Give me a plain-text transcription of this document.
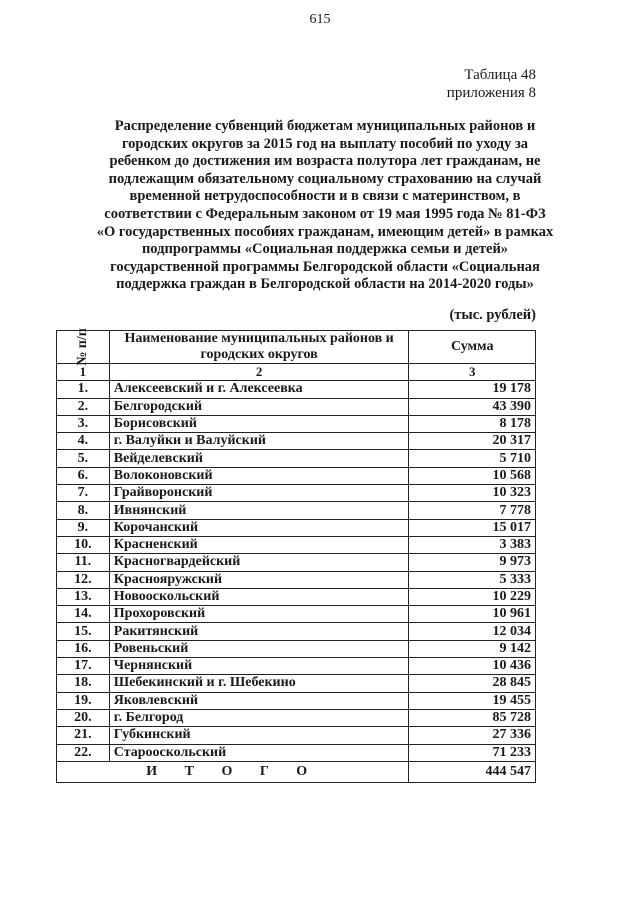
615
Таблица 48
приложения 8
Распределение субвенций бюджетам муниципальных районов и
городских округов за 2015 год на выплату пособий по уходу за
ребенком до достижения им возраста полутора лет гражданам, не
подлежащим обязательному социальному страхованию на случай
временной нетрудоспособности и в связи с материнством, в
соответствии с Федеральным законом от 19 мая 1995 года № 81-ФЗ
«О государственных пособиях гражданам, имеющим детей» в рамках
подпрограммы «Социальная поддержка семьи и детей»
государственной программы Белгородской области «Социальная
поддержка граждан в Белгородской области на 2014-2020 годы»
(тыс. рублей)
№ п/п	Наименование муниципальных районов и городских округов	Сумма
1	2	3
1.	Алексеевский и г. Алексеевка	19 178
2.	Белгородский	43 390
3.	Борисовский	8 178
4.	г. Валуйки и Валуйский	20 317
5.	Вейделевский	5 710
6.	Волоконовский	10 568
7.	Грайворонский	10 323
8.	Ивнянский	7 778
9.	Корочанский	15 017
10.	Красненский	3 383
11.	Красногвардейский	9 973
12.	Краснояружский	5 333
13.	Новооскольский	10 229
14.	Прохоровский	10 961
15.	Ракитянский	12 034
16.	Ровеньский	9 142
17.	Чернянский	10 436
18.	Шебекинский и г. Шебекино	28 845
19.	Яковлевский	19 455
20.	г. Белгород	85 728
21.	Губкинский	27 336
22.	Старооскольский	71 233
И Т О Г О		444 547
